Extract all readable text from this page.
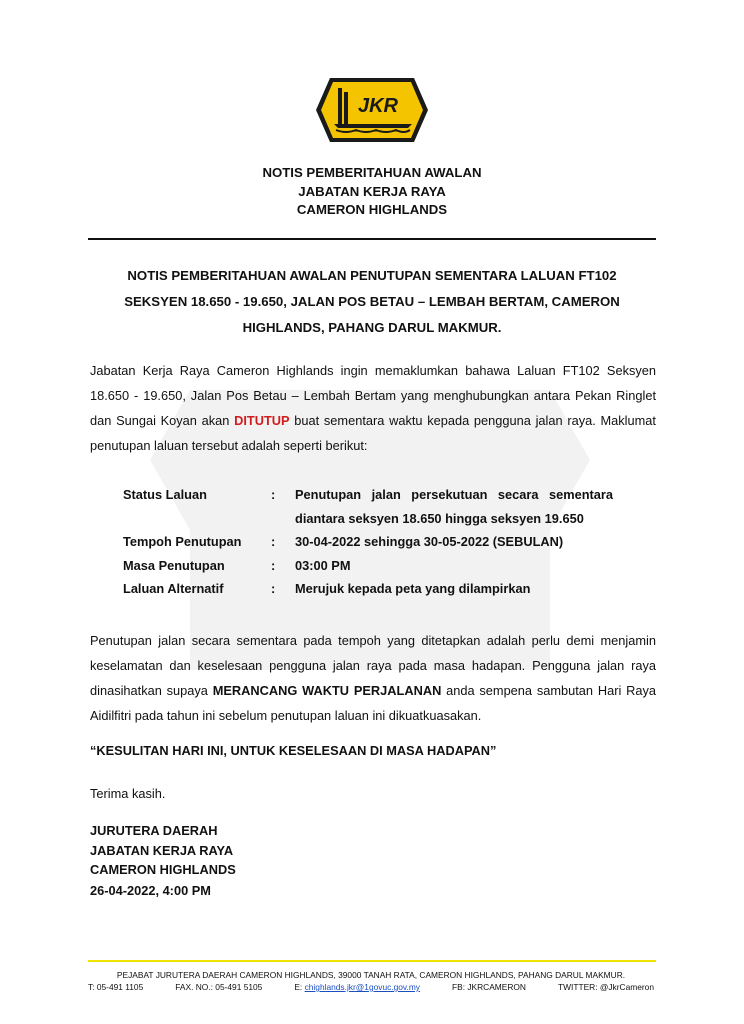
JKR
NOTIS PEMBERITAHUAN AWALAN
JABATAN KERJA RAYA
CAMERON HIGHLANDS
NOTIS PEMBERITAHUAN AWALAN PENUTUPAN SEMENTARA LALUAN FT102
SEKSYEN 18.650 - 19.650, JALAN POS BETAU – LEMBAH BERTAM, CAMERON
HIGHLANDS, PAHANG DARUL MAKMUR.
Jabatan Kerja Raya Cameron Highlands ingin memaklumkan bahawa Laluan FT102 Seksyen 18.650 - 19.650, Jalan Pos Betau – Lembah Bertam yang menghubungkan antara Pekan Ringlet dan Sungai Koyan akan DITUTUP buat sementara waktu kepada pengguna jalan raya. Maklumat penutupan laluan tersebut adalah seperti berikut:
Status Laluan	:	Penutupan jalan persekutuan secara sementara diantara seksyen 18.650 hingga seksyen 19.650
Tempoh Penutupan	:	30-04-2022 sehingga 30-05-2022 (SEBULAN)
Masa Penutupan	:	03:00 PM
Laluan Alternatif	:	Merujuk kepada peta yang dilampirkan
Penutupan jalan secara sementara pada tempoh yang ditetapkan adalah perlu demi menjamin keselamatan dan keselesaan pengguna jalan raya pada masa hadapan. Pengguna jalan raya dinasihatkan supaya MERANCANG WAKTU PERJALANAN anda sempena sambutan Hari Raya Aidilfitri pada tahun ini sebelum penutupan laluan ini dikuatkuasakan.
“KESULITAN HARI INI, UNTUK KESELESAAN DI MASA HADAPAN”
Terima kasih.
JURUTERA DAERAH
JABATAN KERJA RAYA
CAMERON HIGHLANDS
26-04-2022, 4:00 PM
PEJABAT JURUTERA DAERAH CAMERON HIGHLANDS, 39000 TANAH RATA, CAMERON HIGHLANDS, PAHANG DARUL MAKMUR.
T: 05-491 1105	FAX. NO.: 05-491 5105	E: chighlands.jkr@1govuc.gov.my	FB: JKRCAMERON	TWITTER: @JkrCameron
